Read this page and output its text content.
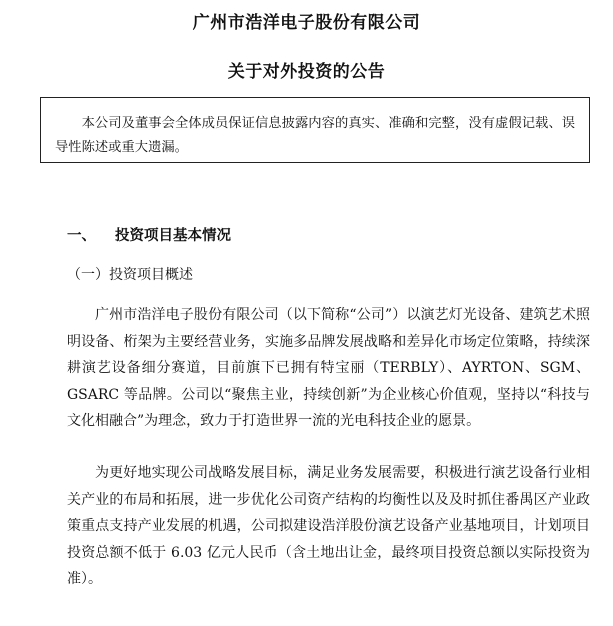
广州市浩洋电子股份有限公司
关于对外投资的公告
本公司及董事会全体成员保证信息披露内容的真实、准确和完整，没有虚假记载、误导性陈述或重大遗漏。
一、 投资项目基本情况
（一）投资项目概述

广州市浩洋电子股份有限公司（以下简称“公司”）以演艺灯光设备、建筑艺术照明设备、桁架为主要经营业务，实施多品牌发展战略和差异化市场定位策略，持续深耕演艺设备细分赛道，目前旗下已拥有特宝丽（TERBLY）、AYRTON、SGM、GSARC 等品牌。公司以“聚焦主业，持续创新”为企业核心价值观，坚持以“科技与文化相融合”为理念，致力于打造世界一流的光电科技企业的愿景。

为更好地实现公司战略发展目标，满足业务发展需要，积极进行演艺设备行业相关产业的布局和拓展，进一步优化公司资产结构的均衡性以及及时抓住番禺区产业政策重点支持产业发展的机遇，公司拟建设浩洋股份演艺设备产业基地项目，计划项目投资总额不低于 6.03 亿元人民币（含土地出让金，最终项目投资总额以实际投资为准）。
